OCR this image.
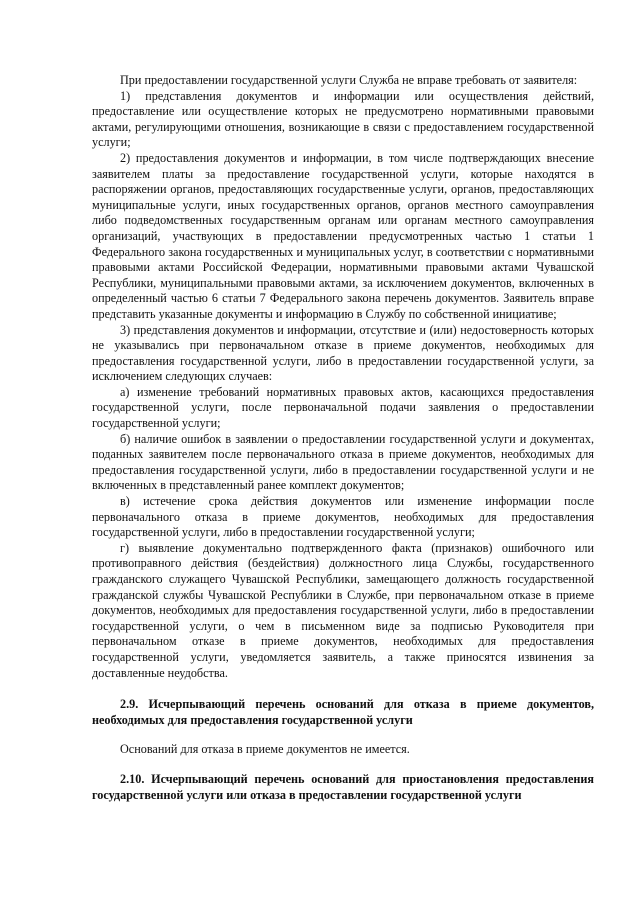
При предоставлении государственной услуги Служба не вправе требовать от заявителя:

1) представления документов и информации или осуществления действий, предоставление или осуществление которых не предусмотрено нормативными правовыми актами, регулирующими отношения, возникающие в связи с предоставлением государственной услуги;

2) предоставления документов и информации, в том числе подтверждающих внесение заявителем платы за предоставление государственной услуги, которые находятся в распоряжении органов, предоставляющих государственные услуги, органов, предоставляющих муниципальные услуги, иных государственных органов, органов местного самоуправления либо подведомственных государственным органам или органам местного самоуправления организаций, участвующих в предоставлении предусмотренных частью 1 статьи 1 Федерального закона государственных и муниципальных услуг, в соответствии с нормативными правовыми актами Российской Федерации, нормативными правовыми актами Чувашской Республики, муниципальными правовыми актами, за исключением документов, включенных в определенный частью 6 статьи 7 Федерального закона перечень документов. Заявитель вправе представить указанные документы и информацию в Службу по собственной инициативе;

3) представления документов и информации, отсутствие и (или) недостоверность которых не указывались при первоначальном отказе в приеме документов, необходимых для предоставления государственной услуги, либо в предоставлении государственной услуги, за исключением следующих случаев:

а) изменение требований нормативных правовых актов, касающихся предоставления государственной услуги, после первоначальной подачи заявления о предоставлении государственной услуги;

б) наличие ошибок в заявлении о предоставлении государственной услуги и документах, поданных заявителем после первоначального отказа в приеме документов, необходимых для предоставления государственной услуги, либо в предоставлении государственной услуги и не включенных в представленный ранее комплект документов;

в) истечение срока действия документов или изменение информации после первоначального отказа в приеме документов, необходимых для предоставления государственной услуги, либо в предоставлении государственной услуги;

г) выявление документально подтвержденного факта (признаков) ошибочного или противоправного действия (бездействия) должностного лица Службы, государственного гражданского служащего Чувашской Республики, замещающего должность государственной гражданской службы Чувашской Республики в Службе, при первоначальном отказе в приеме документов, необходимых для предоставления государственной услуги, либо в предоставлении государственной услуги, о чем в письменном виде за подписью Руководителя при первоначальном отказе в приеме документов, необходимых для предоставления государственной услуги, уведомляется заявитель, а также приносятся извинения за доставленные неудобства.

2.9. Исчерпывающий перечень оснований для отказа в приеме документов, необходимых для предоставления государственной услуги

Оснований для отказа в приеме документов не имеется.

2.10. Исчерпывающий перечень оснований для приостановления предоставления государственной услуги или отказа в предоставлении государственной услуги
